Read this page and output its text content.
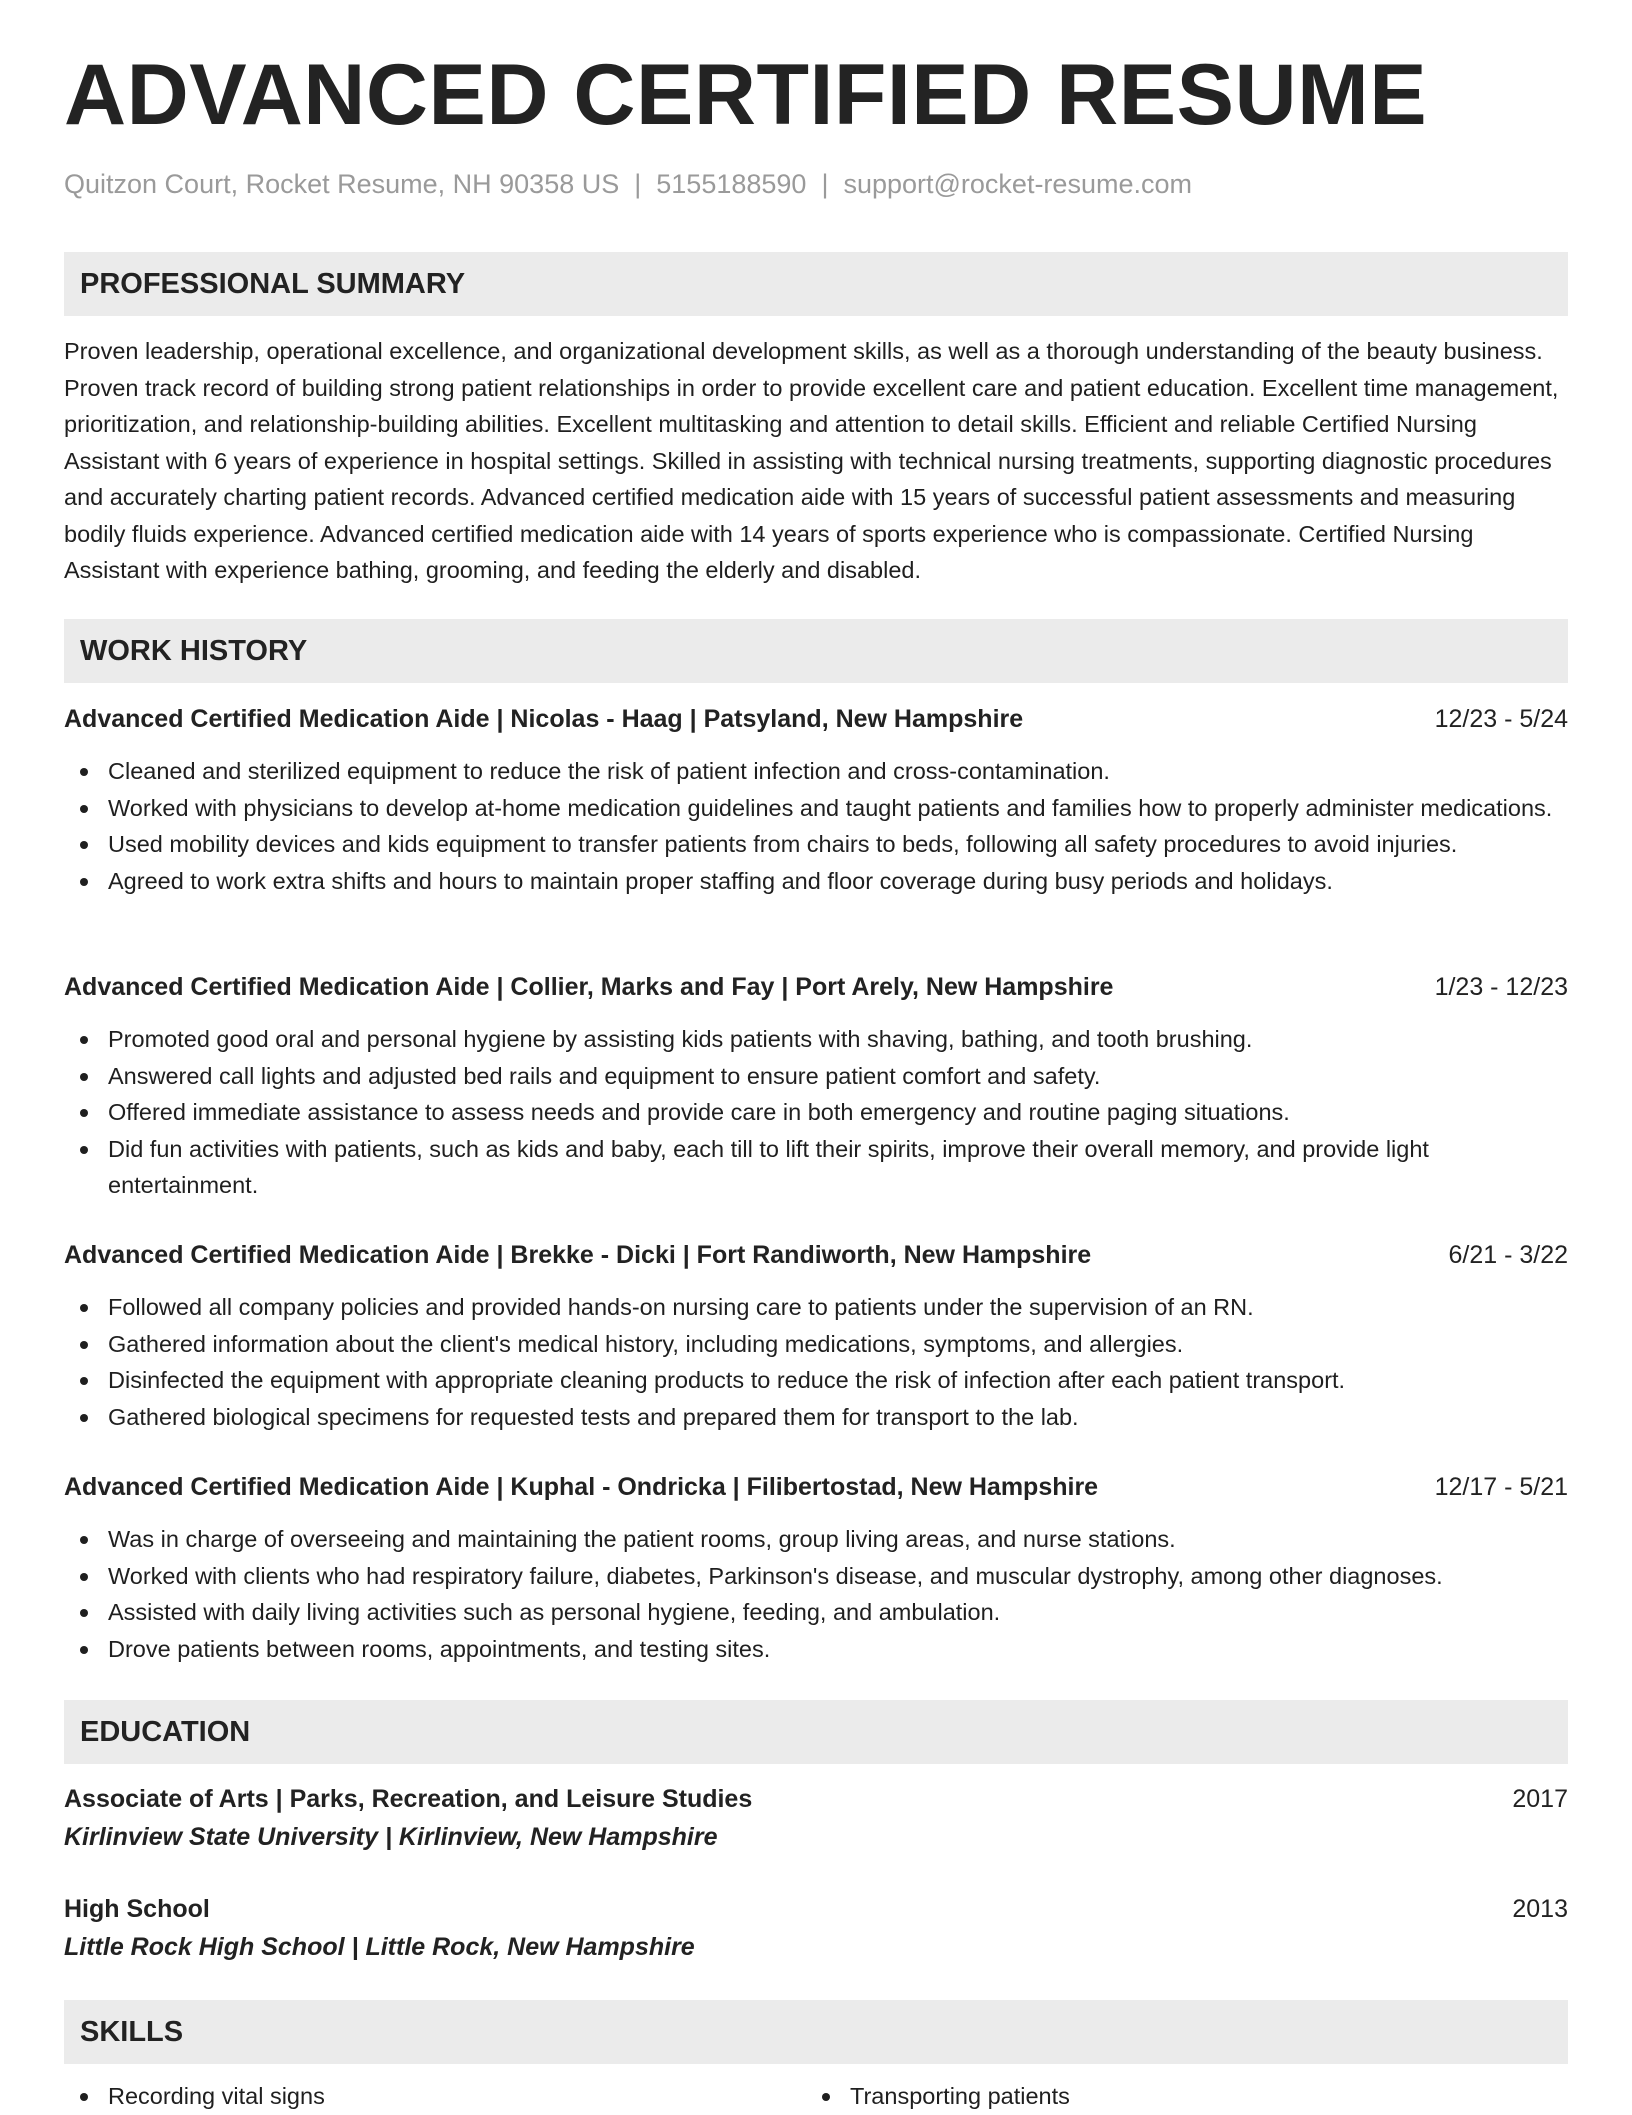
ADVANCED CERTIFIED RESUME
Quitzon Court, Rocket Resume, NH 90358 US | 5155188590 | support@rocket-resume.com
PROFESSIONAL SUMMARY
Proven leadership, operational excellence, and organizational development skills, as well as a thorough understanding of the beauty business. Proven track record of building strong patient relationships in order to provide excellent care and patient education. Excellent time management, prioritization, and relationship-building abilities. Excellent multitasking and attention to detail skills. Efficient and reliable Certified Nursing Assistant with 6 years of experience in hospital settings. Skilled in assisting with technical nursing treatments, supporting diagnostic procedures and accurately charting patient records. Advanced certified medication aide with 15 years of successful patient assessments and measuring bodily fluids experience. Advanced certified medication aide with 14 years of sports experience who is compassionate. Certified Nursing Assistant with experience bathing, grooming, and feeding the elderly and disabled.
WORK HISTORY
Advanced Certified Medication Aide | Nicolas - Haag | Patsyland, New Hampshire	12/23 - 5/24
Cleaned and sterilized equipment to reduce the risk of patient infection and cross-contamination.
Worked with physicians to develop at-home medication guidelines and taught patients and families how to properly administer medications.
Used mobility devices and kids equipment to transfer patients from chairs to beds, following all safety procedures to avoid injuries.
Agreed to work extra shifts and hours to maintain proper staffing and floor coverage during busy periods and holidays.
Advanced Certified Medication Aide | Collier, Marks and Fay | Port Arely, New Hampshire	1/23 - 12/23
Promoted good oral and personal hygiene by assisting kids patients with shaving, bathing, and tooth brushing.
Answered call lights and adjusted bed rails and equipment to ensure patient comfort and safety.
Offered immediate assistance to assess needs and provide care in both emergency and routine paging situations.
Did fun activities with patients, such as kids and baby, each till to lift their spirits, improve their overall memory, and provide light entertainment.
Advanced Certified Medication Aide | Brekke - Dicki | Fort Randiworth, New Hampshire	6/21 - 3/22
Followed all company policies and provided hands-on nursing care to patients under the supervision of an RN.
Gathered information about the client's medical history, including medications, symptoms, and allergies.
Disinfected the equipment with appropriate cleaning products to reduce the risk of infection after each patient transport.
Gathered biological specimens for requested tests and prepared them for transport to the lab.
Advanced Certified Medication Aide | Kuphal - Ondricka | Filibertostad, New Hampshire	12/17 - 5/21
Was in charge of overseeing and maintaining the patient rooms, group living areas, and nurse stations.
Worked with clients who had respiratory failure, diabetes, Parkinson's disease, and muscular dystrophy, among other diagnoses.
Assisted with daily living activities such as personal hygiene, feeding, and ambulation.
Drove patients between rooms, appointments, and testing sites.
EDUCATION
Associate of Arts | Parks, Recreation, and Leisure Studies	2017
Kirlinview State University | Kirlinview, New Hampshire
High School	2013
Little Rock High School | Little Rock, New Hampshire
SKILLS
Recording vital signs	Transporting patients
